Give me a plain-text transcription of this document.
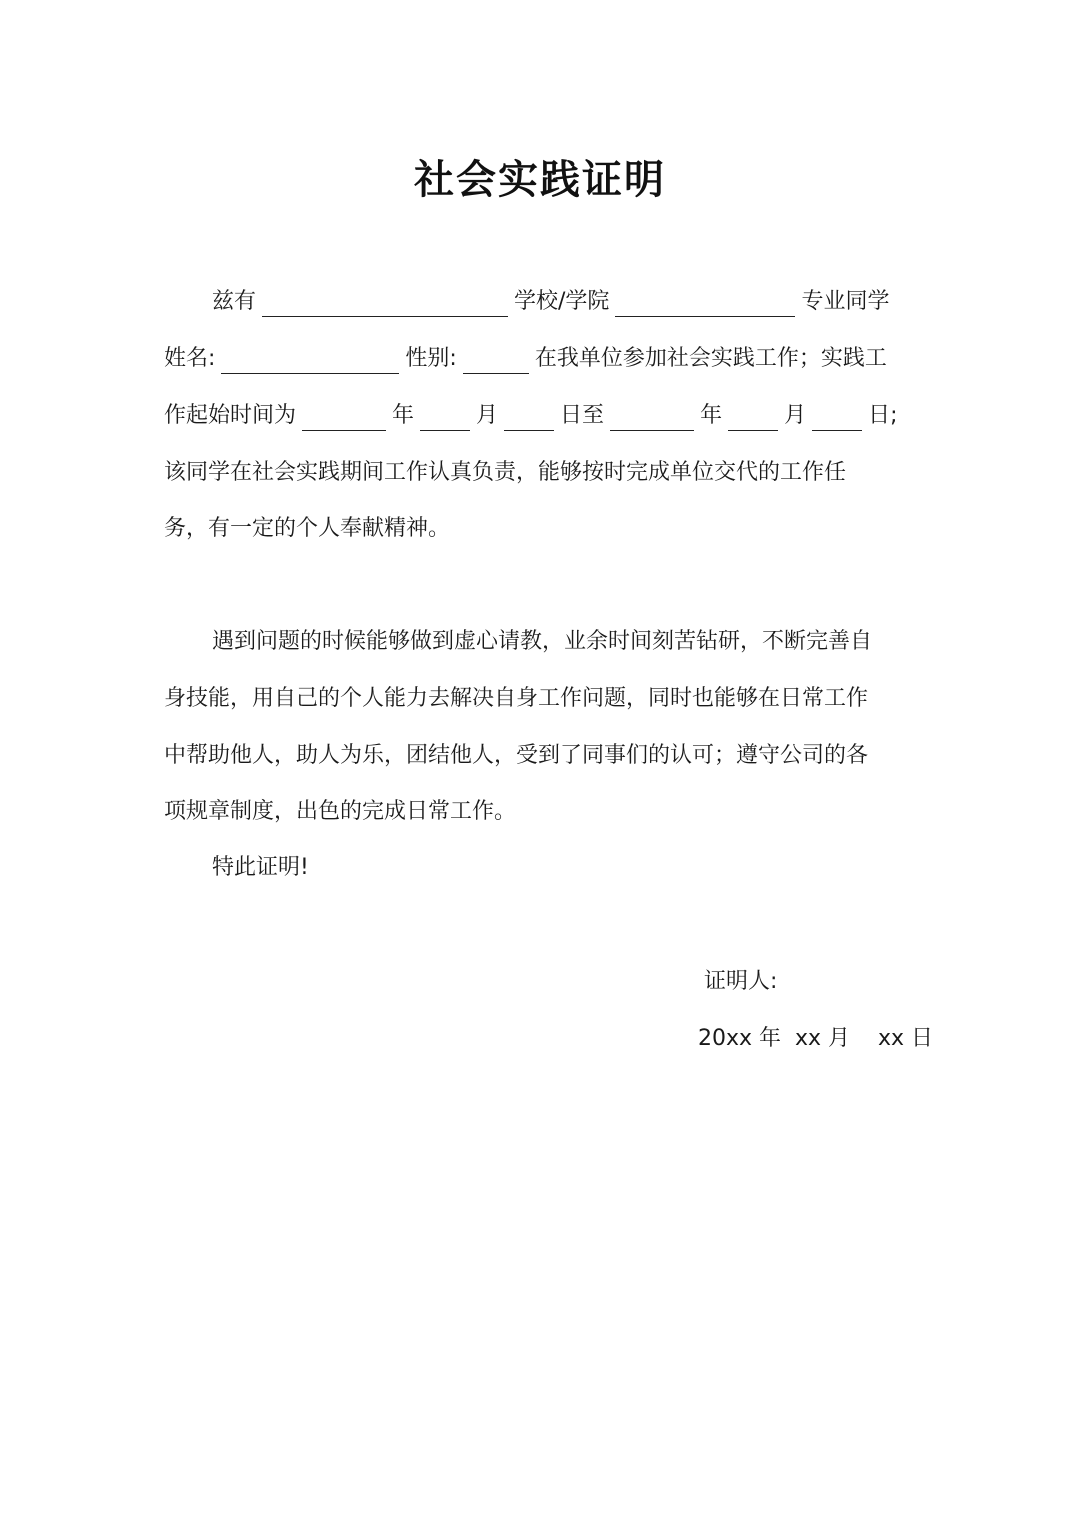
社会实践证明
兹有	学校/学院	专业同学
姓名:	性别:	在我单位参加社会实践工作；实践工
作起始时间为	年	月	日至	年	月	日;
该同学在社会实践期间工作认真负责，能够按时完成单位交代的工作任
务，有一定的个人奉献精神。
遇到问题的时候能够做到虚心请教，业余时间刻苦钻研，不断完善自
身技能，用自己的个人能力去解决自身工作问题，同时也能够在日常工作
中帮助他人，助人为乐，团结他人，受到了同事们的认可；遵守公司的各
项规章制度，出色的完成日常工作。
特此证明!
证明人:
20xx 年  xx 月    xx 日
